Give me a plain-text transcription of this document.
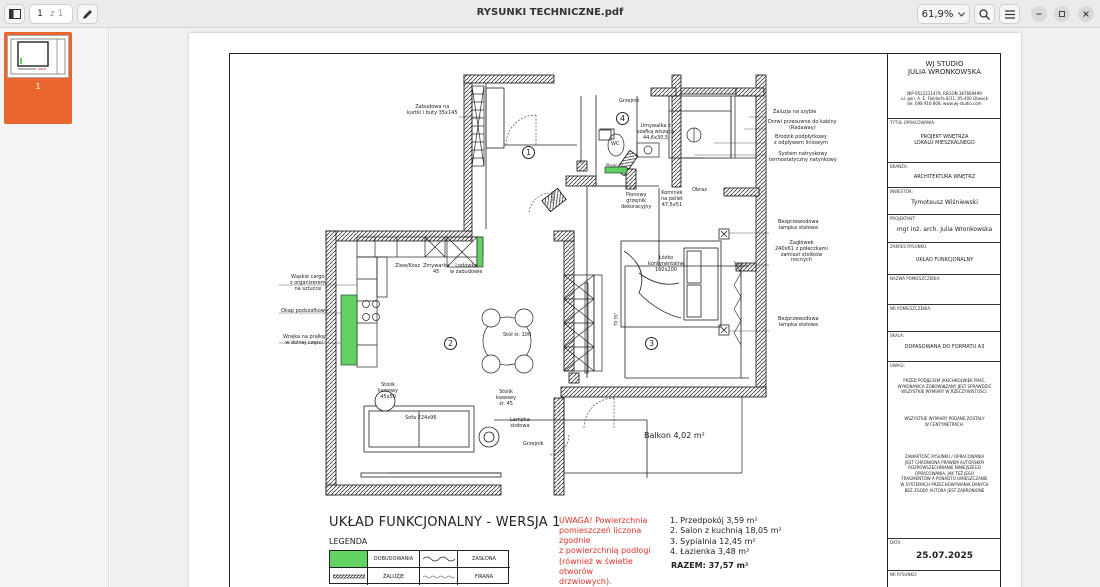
1 z 1	RYSUNKI TECHNICZNE.pdf	61,9%
1
1
2	3
4
Zabudowa na
kurtki i buty 35x145
Grzejnik
Umywalka z
szafką wiszącą
44,6x30,5
WC
Płaski tv
Żaluzja na szybie
Drzwi przesuwne do kabiny
(Radaway)
Brodzik podpłytkowy
z odpływem liniowym
System natryskowy
termostatyczny natynkowy
Pionowy
grzejnik
dekoracyjny
Kominek
na pellet
47,5x51
Obraz
Bezprzewodowa
lampka stołowa
Zagłówek
240x61 z półeczkami
zamiast stolików
nocnych
Bezprzewodowa
lampka stołowa
Łóżko
kontynentalne
160x200
Wąskie cargo
z organizerem
na sztućce
Okap podszafkowy
Wnęka na pralkę
w dolnej części
Zlew/Kosz Zmywarka
45
Lodówka
w zabudowie
Stół śr. 100
Stolik
kawowy
45x50
Sofa 224x96
Stolik
kawowy
śr. 45
Lampka
stołowa
Grzejnik
Lustro
TV 55"
Balkon 4,02 m²
UKŁAD FUNKCJONALNY - WERSJA 1
LEGENDA
DOBUDOWANIA	ZASŁONA
ŻALUZJE	FIRANA
UWAGA! Powierzchnia
pomieszczeń liczona zgodnie
z powierzchnią podłogi
(również w świetle otworów
drzwiowych).
1. Przedpokój 3,59 m²
2. Salon z kuchnią 18,05 m²
3. Sypialnia 12,45 m²
4. Łazienka 3,48 m²
RAZEM: 37,57 m²
WJ STUDIO
JULIA WRONKOWSKA
NIP 9522211479, REGON 387669499
ul. gen. A. E. Fieldorfa 8/11, 05-400 Otwock
tel. 698 916 808, www.wj-studio.com
TYTUŁ OPRACOWANIA:
PROJEKT WNĘTRZA
LOKALU MIESZKALNEGO
BRANŻA:
ARCHITEKTURA WNĘTRZ
INWESTOR:
Tymoteusz Wiśniewski
PROJEKTANT:
mgr inż. arch. Julia Wronkowska
ZAKRES RYSUNKU:
UKŁAD FUNKCJONALNY
NAZWA POMIESZCZENIA:
NR POMIESZCZENIA:
SKALA:
DOPASOWANA DO FORMATU A3
UWAGI:
PRZED PODJĘCIEM JAKICHKOLWIEK PRAC,
WYKONAWCA ZOBOWIĄZANY JEST SPRAWDZIĆ
WSZYSTKIE WYMIARY W RZECZYWISTOŚCI.
WSZYSTKIE WYMIARY PODANE ZOSTAŁY
W CENTYMETRACH.
ZAWARTOŚĆ RYSUNKU / OPRACOWANIA
JEST CHRONIONA PRAWEM AUTORSKIM
ROZPOWSZECHNIANIE NINIEJSZEGO
OPRACOWANIA, JAK TEŻ JEGO
FRAGMENTÓW A PONADTO UMIESZCZANIE
W SYSTEMACH PRZECHOWYWANIA DANYCH
BEZ ZGODY AUTORA JEST ZABRONIONE
DATA:
25.07.2025
NR RYSUNKU:
